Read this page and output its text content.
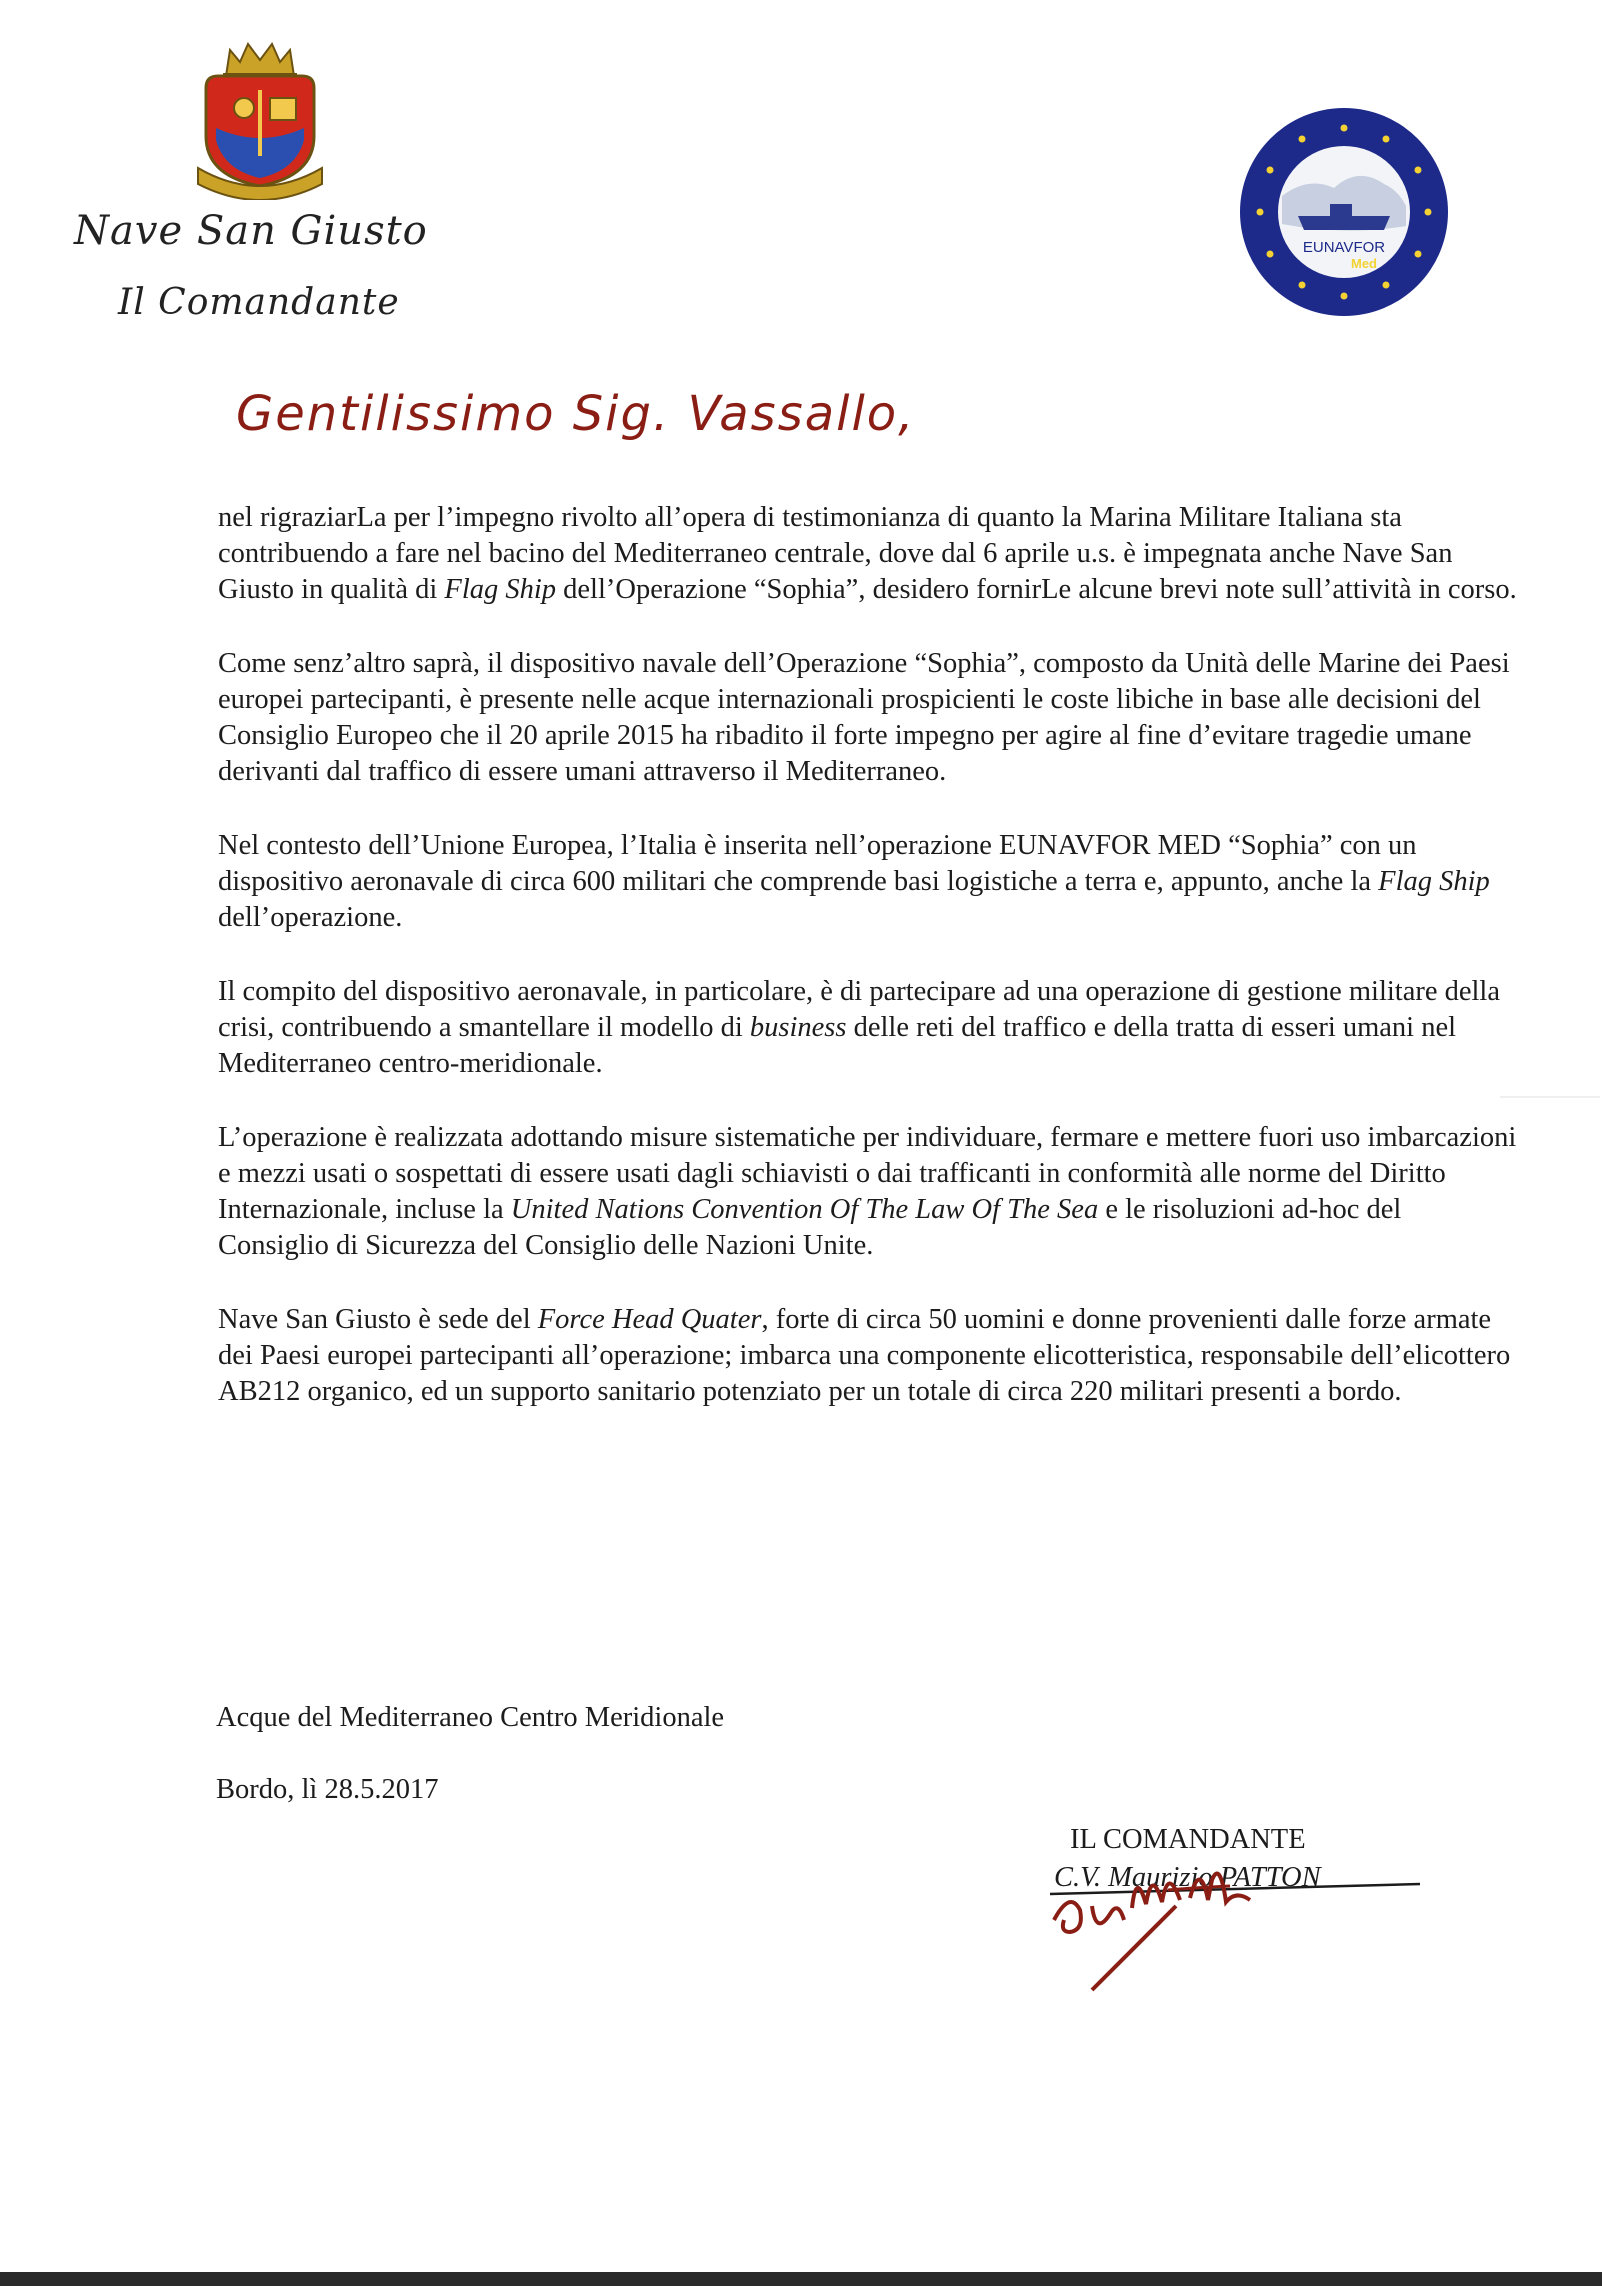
Nave San Giusto
Il Comandante
EUNAVFOR
Med
Gentilissimo Sig. Vassallo,

nel rigraziarLa per l’impegno rivolto all’opera di testimonianza di quanto la Marina Militare Italiana sta contribuendo a fare nel bacino del Mediterraneo centrale, dove dal 6 aprile u.s. è impegnata anche Nave San Giusto in qualità di Flag Ship dell’Operazione “Sophia”, desidero fornirLe alcune brevi note sull’attività in corso.

Come senz’altro saprà, il dispositivo navale dell’Operazione “Sophia”, composto da Unità delle Marine dei Paesi europei partecipanti, è presente nelle acque internazionali prospicienti le coste libiche in base alle decisioni del Consiglio Europeo che il 20 aprile 2015 ha ribadito il forte impegno per agire al fine d’evitare tragedie umane derivanti dal traffico di essere umani attraverso il Mediterraneo.

Nel contesto dell’Unione Europea, l’Italia è inserita nell’operazione EUNAVFOR MED “Sophia” con un dispositivo aeronavale di circa 600 militari che comprende basi logistiche a terra e, appunto, anche la Flag Ship dell’operazione.

Il compito del dispositivo aeronavale, in particolare, è di partecipare ad una operazione di gestione militare della crisi, contribuendo a smantellare il modello di business delle reti del traffico e della tratta di esseri umani nel Mediterraneo centro-meridionale.

L’operazione è realizzata adottando misure sistematiche per individuare, fermare e mettere fuori uso imbarcazioni e mezzi usati o sospettati di essere usati dagli schiavisti o dai trafficanti in conformità alle norme del Diritto Internazionale, incluse la United Nations Convention Of The Law Of The Sea e le risoluzioni ad-hoc del Consiglio di Sicurezza del Consiglio delle Nazioni Unite.

Nave San Giusto è sede del Force Head Quater, forte di circa 50 uomini e donne provenienti dalle forze armate dei Paesi europei partecipanti all’operazione; imbarca una componente elicotteristica, responsabile dell’elicottero AB212 organico, ed un supporto sanitario potenziato per un totale di circa 220 militari presenti a bordo.

Acque del Mediterraneo Centro Meridionale
Bordo, lì 28.5.2017
IL COMANDANTE
C.V. Maurizio PATTON
